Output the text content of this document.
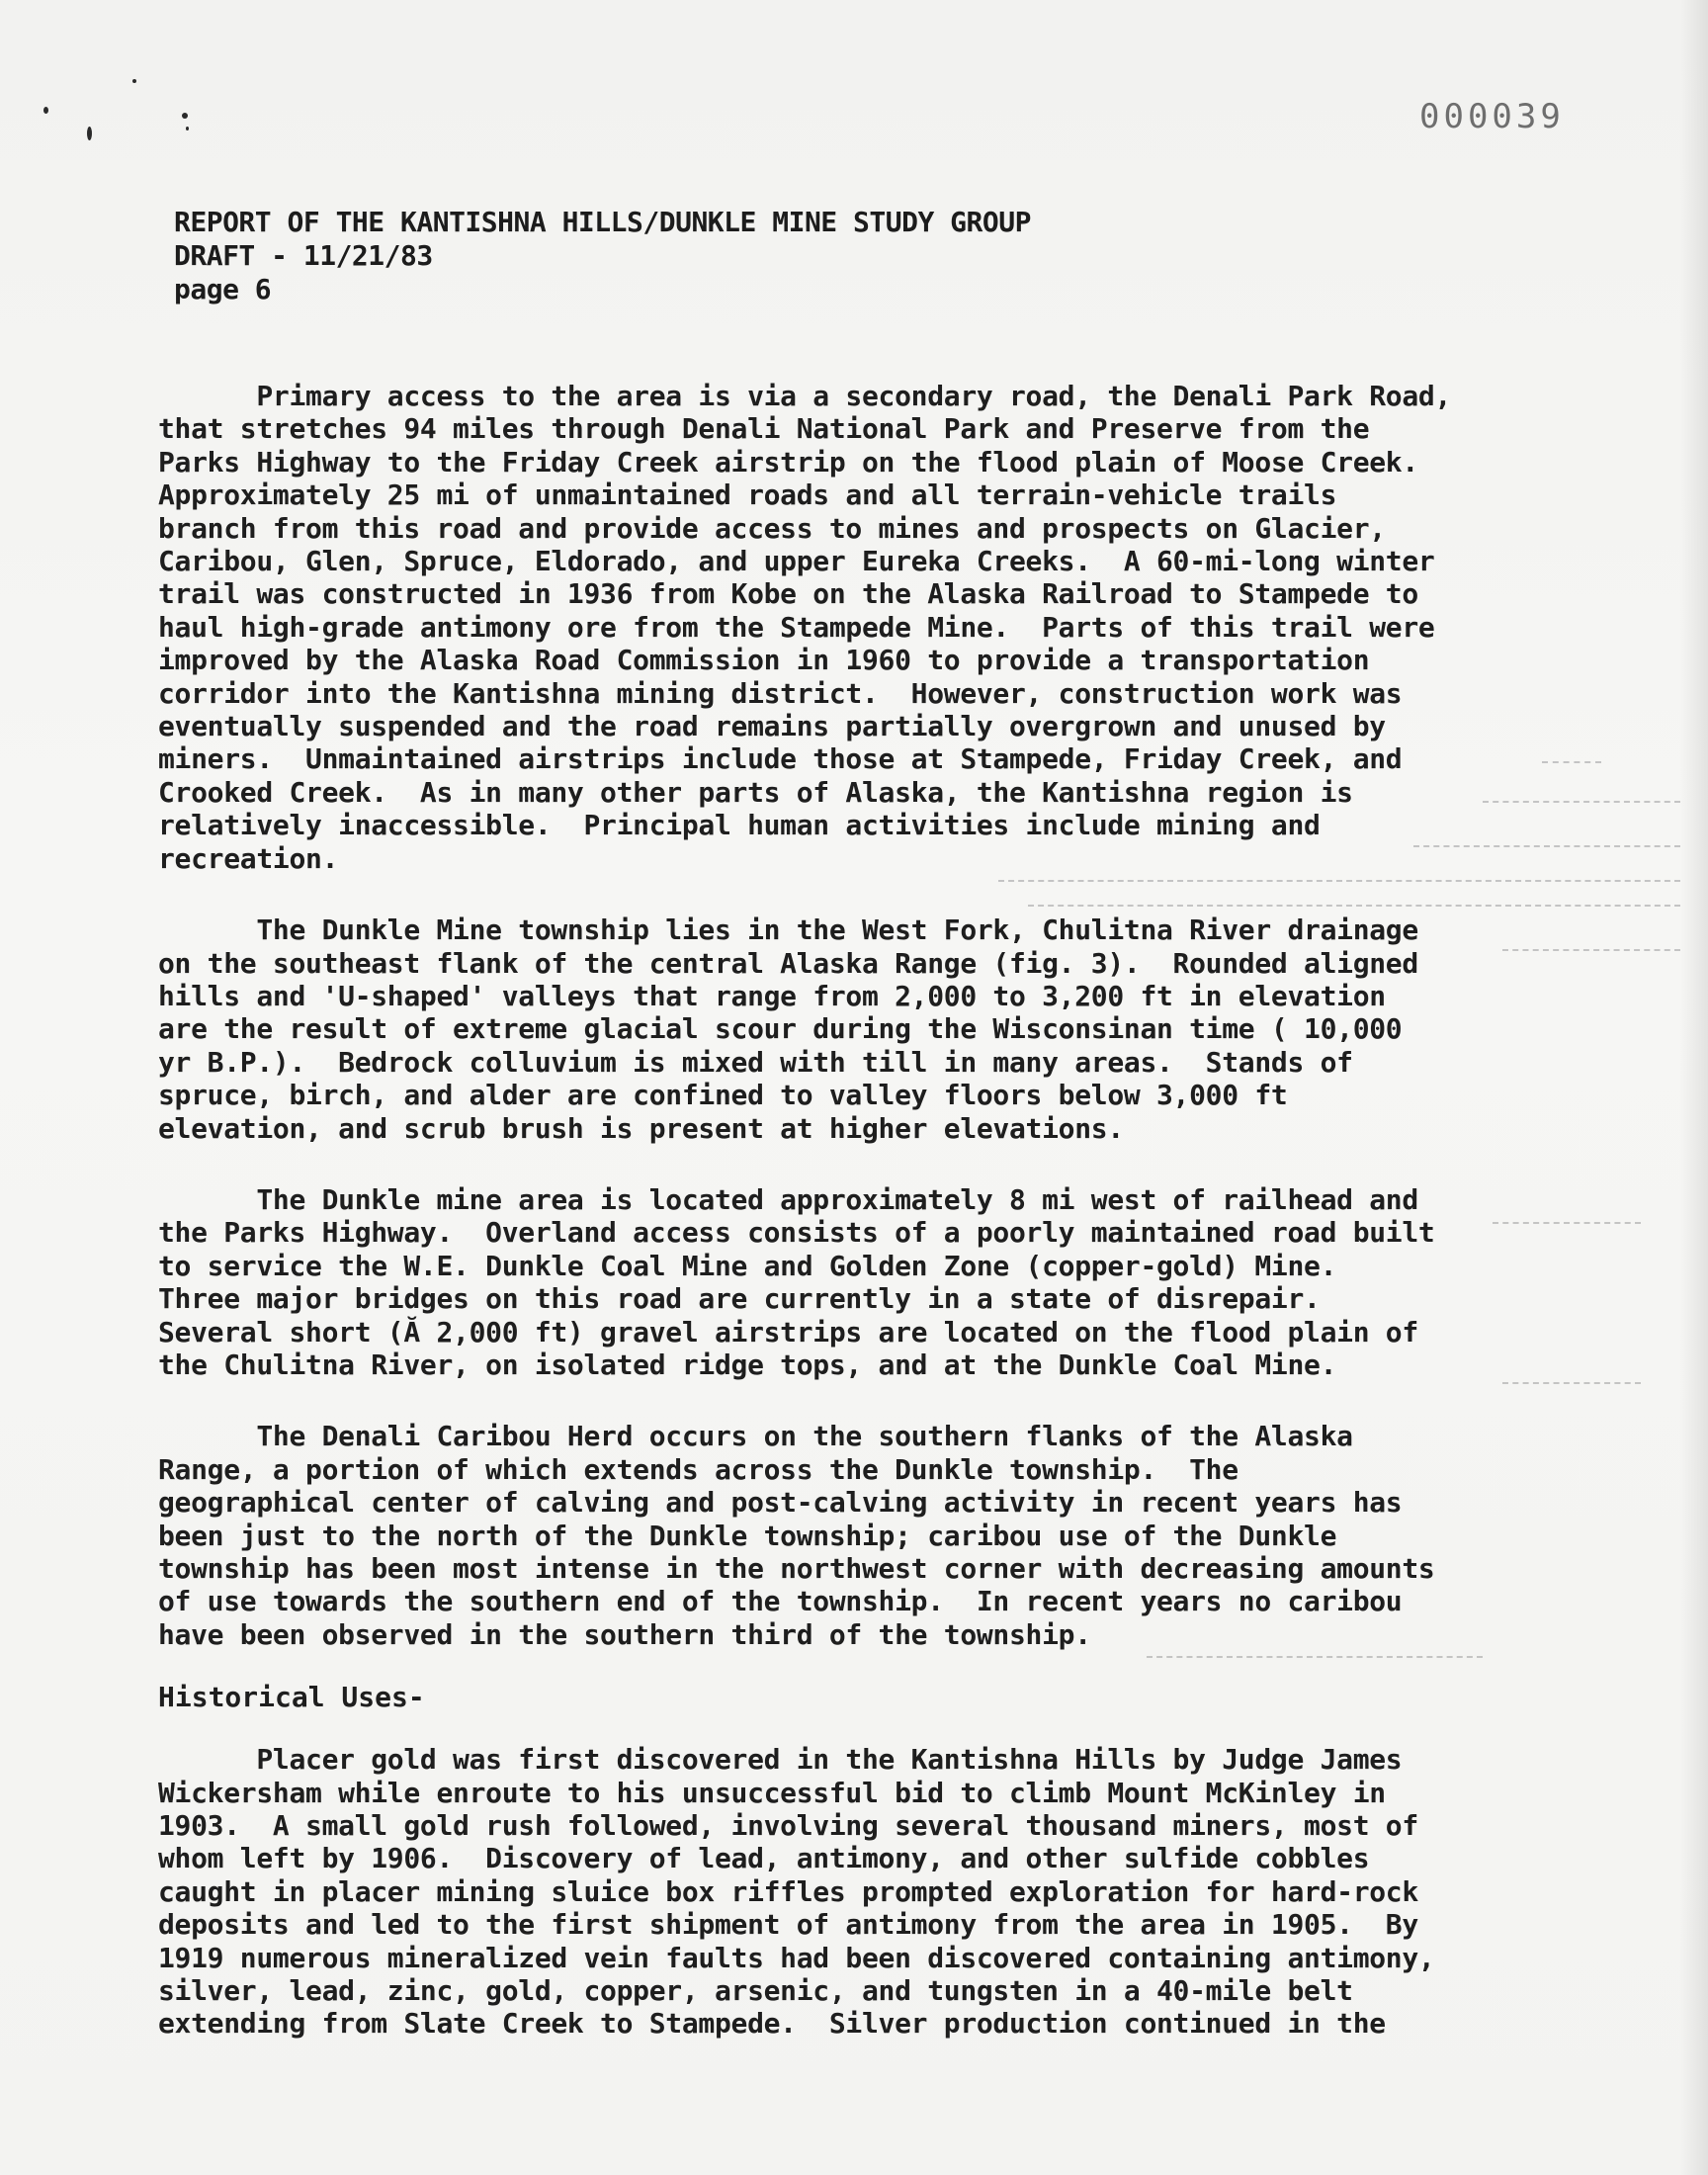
000039
REPORT OF THE KANTISHNA HILLS/DUNKLE MINE STUDY GROUP
DRAFT - 11/21/83
page 6

Primary access to the area is via a secondary road, the Denali Park Road,
that stretches 94 miles through Denali National Park and Preserve from the
Parks Highway to the Friday Creek airstrip on the flood plain of Moose Creek.
Approximately 25 mi of unmaintained roads and all terrain-vehicle trails
branch from this road and provide access to mines and prospects on Glacier,
Caribou, Glen, Spruce, Eldorado, and upper Eureka Creeks.  A 60-mi-long winter
trail was constructed in 1936 from Kobe on the Alaska Railroad to Stampede to
haul high-grade antimony ore from the Stampede Mine.  Parts of this trail were
improved by the Alaska Road Commission in 1960 to provide a transportation
corridor into the Kantishna mining district.  However, construction work was
eventually suspended and the road remains partially overgrown and unused by
miners.  Unmaintained airstrips include those at Stampede, Friday Creek, and
Crooked Creek.  As in many other parts of Alaska, the Kantishna region is
relatively inaccessible.  Principal human activities include mining and
recreation.

The Dunkle Mine township lies in the West Fork, Chulitna River drainage
on the southeast flank of the central Alaska Range (fig. 3).  Rounded aligned
hills and 'U-shaped' valleys that range from 2,000 to 3,200 ft in elevation
are the result of extreme glacial scour during the Wisconsinan time ( 10,000
yr B.P.).  Bedrock colluvium is mixed with till in many areas.  Stands of
spruce, birch, and alder are confined to valley floors below 3,000 ft
elevation, and scrub brush is present at higher elevations.

The Dunkle mine area is located approximately 8 mi west of railhead and
the Parks Highway.  Overland access consists of a poorly maintained road built
to service the W.E. Dunkle Coal Mine and Golden Zone (copper-gold) Mine.
Three major bridges on this road are currently in a state of disrepair.
Several short (Ă 2,000 ft) gravel airstrips are located on the flood plain of
the Chulitna River, on isolated ridge tops, and at the Dunkle Coal Mine.

The Denali Caribou Herd occurs on the southern flanks of the Alaska
Range, a portion of which extends across the Dunkle township.  The
geographical center of calving and post-calving activity in recent years has
been just to the north of the Dunkle township; caribou use of the Dunkle
township has been most intense in the northwest corner with decreasing amounts
of use towards the southern end of the township.  In recent years no caribou
have been observed in the southern third of the township.

Historical Uses-

Placer gold was first discovered in the Kantishna Hills by Judge James
Wickersham while enroute to his unsuccessful bid to climb Mount McKinley in
1903.  A small gold rush followed, involving several thousand miners, most of
whom left by 1906.  Discovery of lead, antimony, and other sulfide cobbles
caught in placer mining sluice box riffles prompted exploration for hard-rock
deposits and led to the first shipment of antimony from the area in 1905.  By
1919 numerous mineralized vein faults had been discovered containing antimony,
silver, lead, zinc, gold, copper, arsenic, and tungsten in a 40-mile belt
extending from Slate Creek to Stampede.  Silver production continued in the
